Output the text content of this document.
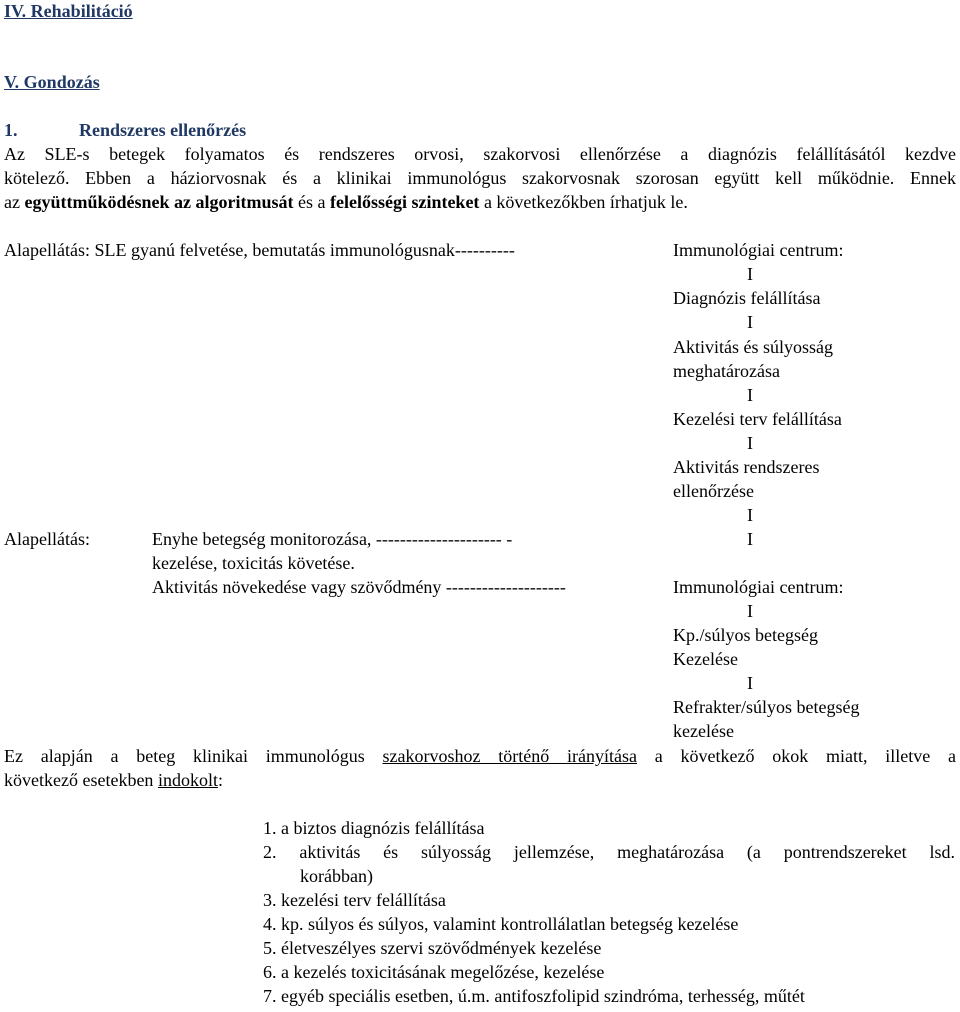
IV. Rehabilitáció
V. Gondozás
1.	Rendszeres ellenőrzés
Az SLE-s betegek folyamatos és rendszeres orvosi, szakorvosi ellenőrzése a diagnózis felállításától kezdve
kötelező. Ebben a háziorvosnak és a klinikai immunológus szakorvosnak szorosan együtt kell működnie. Ennek
az együttműködésnek az algoritmusát és a felelősségi szinteket a következőkben írhatjuk le.
Alapellátás: SLE gyanú felvetése, bemutatás immunológusnak----------	Immunológiai centrum:
I
Diagnózis felállítása
I
Aktivitás és súlyosság
meghatározása
I
Kezelési terv felállítása
I
Aktivitás rendszeres
ellenőrzése
I
Alapellátás:	Enyhe betegség monitorozása, --------------------- -	I
kezelése, toxicitás követése.
Aktivitás növekedése vagy szövődmény --------------------	Immunológiai centrum:
I
Kp./súlyos betegség
Kezelése
I
Refrakter/súlyos betegség
kezelése
Ez alapján a beteg klinikai immunológus szakorvoshoz történő irányítása a következő okok miatt, illetve a
következő esetekben indokolt:
1. a biztos diagnózis felállítása
2. aktivitás és súlyosság jellemzése, meghatározása (a pontrendszereket lsd.
korábban)
3. kezelési terv felállítása
4. kp. súlyos és súlyos, valamint kontrollálatlan betegség kezelése
5. életveszélyes szervi szövődmények kezelése
6. a kezelés toxicitásának megelőzése, kezelése
7. egyéb speciális esetben, ú.m. antifoszfolipid szindróma, terhesség, műtét
